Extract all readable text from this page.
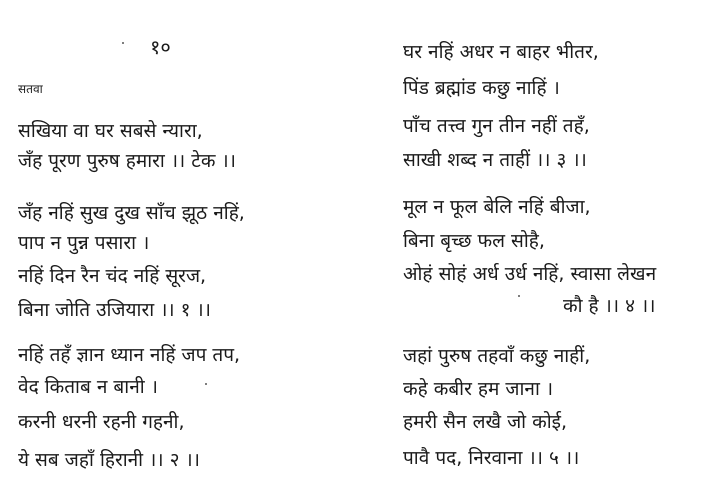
१०
सतवा
सखिया वा घर सबसे न्यारा,
जँह पूरण पुरुष हमारा ।। टेक ।।
जँह नहिं सुख दुख साँच झूठ नहिं,
पाप न पुन्न पसारा ।
नहिं दिन रैन चंद नहिं सूरज,
बिना जोति उजियारा ।। १ ।।
नहिं तहँ ज्ञान ध्यान नहिं जप तप,
वेद किताब न बानी ।
करनी धरनी रहनी गहनी,
ये सब जहाँ हिरानी ।। २ ।।
घर नहिं अधर न बाहर भीतर,
पिंड ब्रह्मांड कछु नाहिं ।
पाँच तत्त्व गुन तीन नहीं तहँ,
साखी शब्द न ताहीं ।। ३ ।।
मूल न फूल बेलि नहिं बीजा,
बिना बृच्छ फल सोहै,
ओहं सोहं अर्ध उर्ध नहिं, स्वासा लेखन
कौ है ।। ४ ।।
जहां पुरुष तहवाँ कछु नाहीं,
कहे कबीर हम जाना ।
हमरी सैन लखै जो कोई,
पावै पद, निरवाना ।। ५ ।।
